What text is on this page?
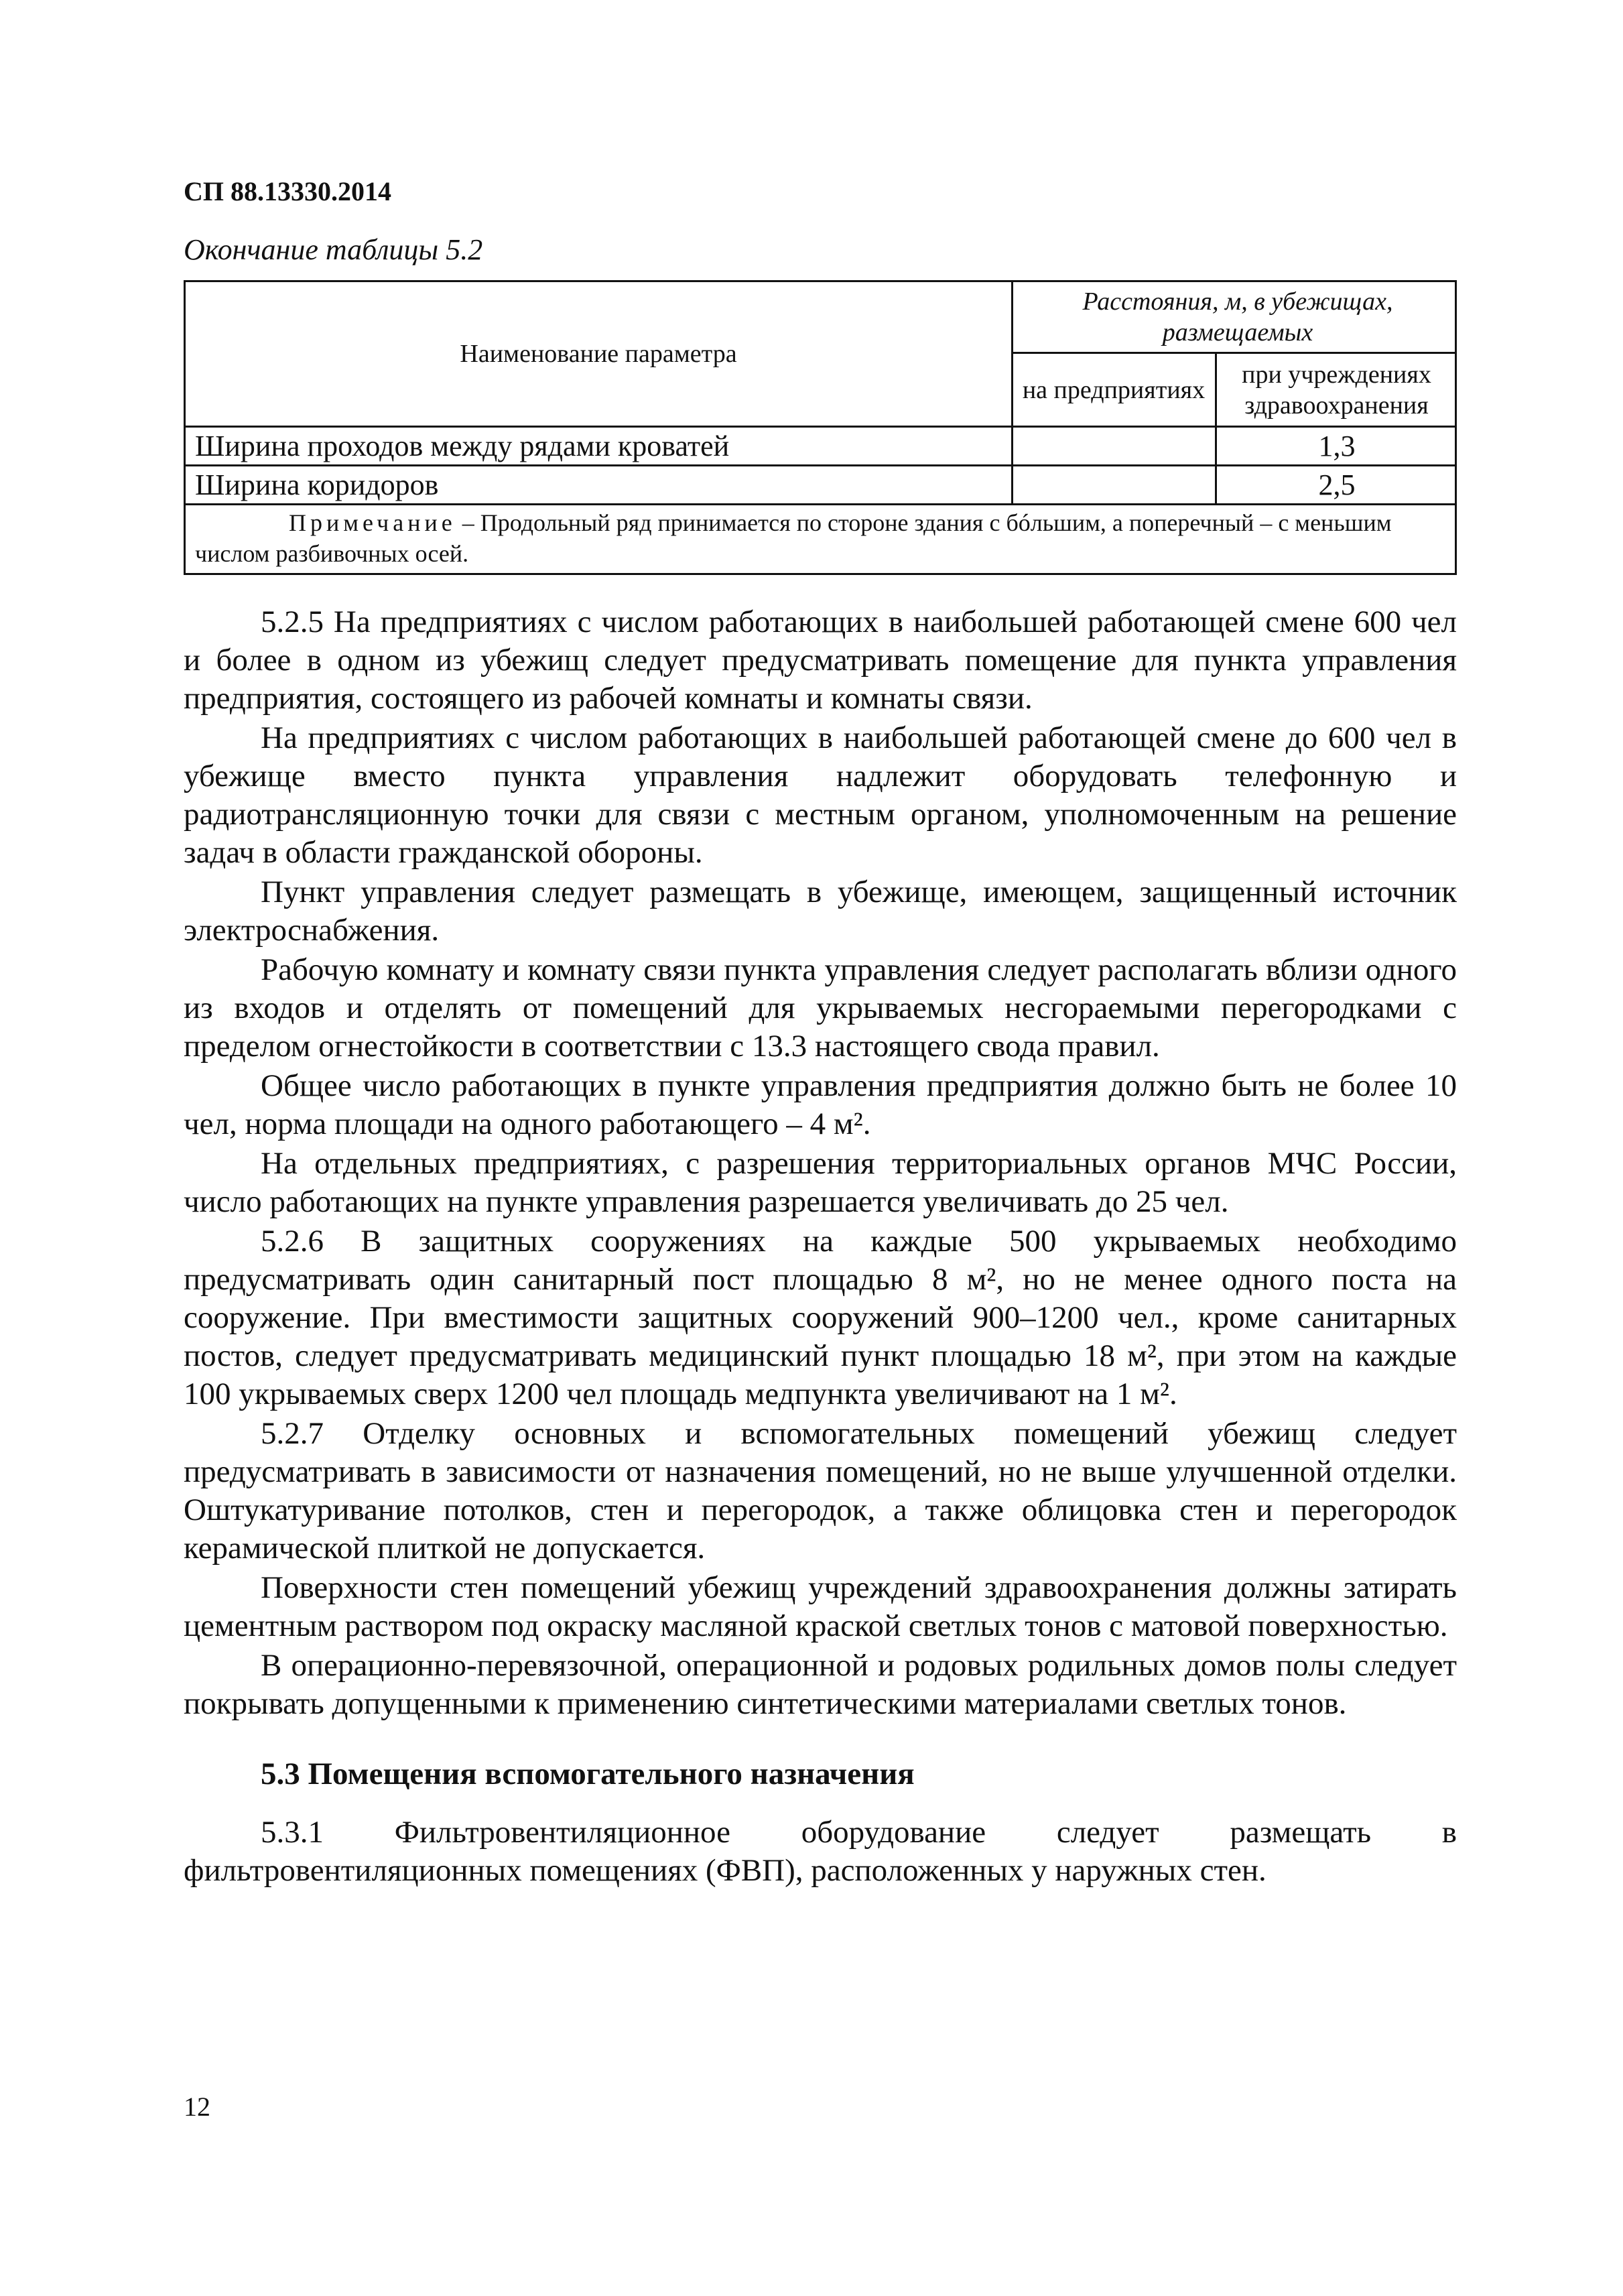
СП 88.13330.2014
Окончание таблицы 5.2
Наименование параметра
Расстояния, м, в убежищах, размещаемых
на предприятиях
при учреждениях здравоохранения
Ширина проходов между рядами кроватей	1,3
Ширина коридоров	2,5
Примечание – Продольный ряд принимается по стороне здания с бóльшим, а поперечный – с меньшим числом разбивочных осей.

5.2.5 На предприятиях с числом работающих в наибольшей работающей смене 600 чел и более в одном из убежищ следует предусматривать помещение для пункта управления предприятия, состоящего из рабочей комнаты и комнаты связи.

На предприятиях с числом работающих в наибольшей работающей смене до 600 чел в убежище вместо пункта управления надлежит оборудовать телефонную и радиотрансляционную точки для связи с местным органом, уполномоченным на решение задач в области гражданской обороны.

Пункт управления следует размещать в убежище, имеющем, защищенный источник электроснабжения.

Рабочую комнату и комнату связи пункта управления следует располагать вблизи одного из входов и отделять от помещений для укрываемых несгораемыми перегородками с пределом огнестойкости в соответствии с 13.3 настоящего свода правил.

Общее число работающих в пункте управления предприятия должно быть не более 10 чел, норма площади на одного работающего – 4 м².

На отдельных предприятиях, с разрешения территориальных органов МЧС России, число работающих на пункте управления разрешается увеличивать до 25 чел.

5.2.6 В защитных сооружениях на каждые 500 укрываемых необходимо предусматривать один санитарный пост площадью 8 м², но не менее одного поста на сооружение. При вместимости защитных сооружений 900–1200 чел., кроме санитарных постов, следует предусматривать медицинский пункт площадью 18 м², при этом на каждые 100 укрываемых сверх 1200 чел площадь медпункта увеличивают на 1 м².

5.2.7 Отделку основных и вспомогательных помещений убежищ следует предусматривать в зависимости от назначения помещений, но не выше улучшенной отделки. Оштукатуривание потолков, стен и перегородок, а также облицовка стен и перегородок керамической плиткой не допускается.

Поверхности стен помещений убежищ учреждений здравоохранения должны затирать цементным раствором под окраску масляной краской светлых тонов с матовой поверхностью.

В операционно-перевязочной, операционной и родовых родильных домов полы следует покрывать допущенными к применению синтетическими материалами светлых тонов.

5.3 Помещения вспомогательного назначения

5.3.1 Фильтровентиляционное оборудование следует размещать в фильтровентиляционных помещениях (ФВП), расположенных у наружных стен.

12
